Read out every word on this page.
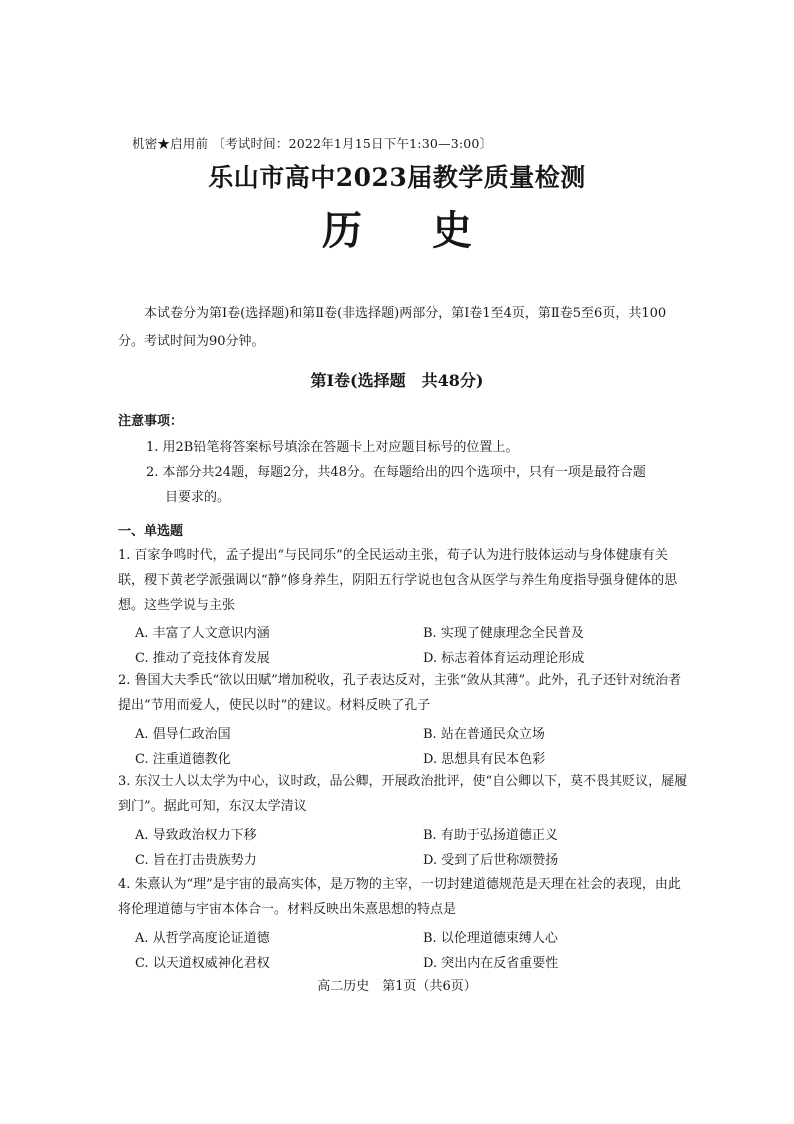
机密★启用前 〔考试时间：2022年1月15日下午1:30—3:00〕
乐山市高中2023届教学质量检测
历 史
本试卷分为第Ⅰ卷(选择题)和第Ⅱ卷(非选择题)两部分，第Ⅰ卷1至4页，第Ⅱ卷5至6页，共100分。考试时间为90分钟。
第Ⅰ卷(选择题　共48分)
注意事项：
1. 用2B铅笔将答案标号填涂在答题卡上对应题目标号的位置上。
2. 本部分共24题，每题2分，共48分。在每题给出的四个选项中，只有一项是最符合题
目要求的。
一、单选题
1. 百家争鸣时代，孟子提出“与民同乐”的全民运动主张，荀子认为进行肢体运动与身体健康有关联，稷下黄老学派强调以“静”修身养生，阴阳五行学说也包含从医学与养生角度指导强身健体的思想。这些学说与主张
A. 丰富了人文意识内涵	B. 实现了健康理念全民普及
C. 推动了竞技体育发展	D. 标志着体育运动理论形成
2. 鲁国大夫季氏“欲以田赋”增加税收，孔子表达反对，主张“敛从其薄”。此外，孔子还针对统治者提出“节用而爱人，使民以时”的建议。材料反映了孔子
A. 倡导仁政治国	B. 站在普通民众立场
C. 注重道德教化	D. 思想具有民本色彩
3. 东汉士人以太学为中心，议时政，品公卿，开展政治批评，使“自公卿以下，莫不畏其贬议，屣履到门”。据此可知，东汉太学清议
A. 导致政治权力下移	B. 有助于弘扬道德正义
C. 旨在打击贵族势力	D. 受到了后世称颂赞扬
4. 朱熹认为“理”是宇宙的最高实体，是万物的主宰，一切封建道德规范是天理在社会的表现，由此将伦理道德与宇宙本体合一。材料反映出朱熹思想的特点是
A. 从哲学高度论证道德	B. 以伦理道德束缚人心
C. 以天道权威神化君权	D. 突出内在反省重要性
高二历史　第1页（共6页）
